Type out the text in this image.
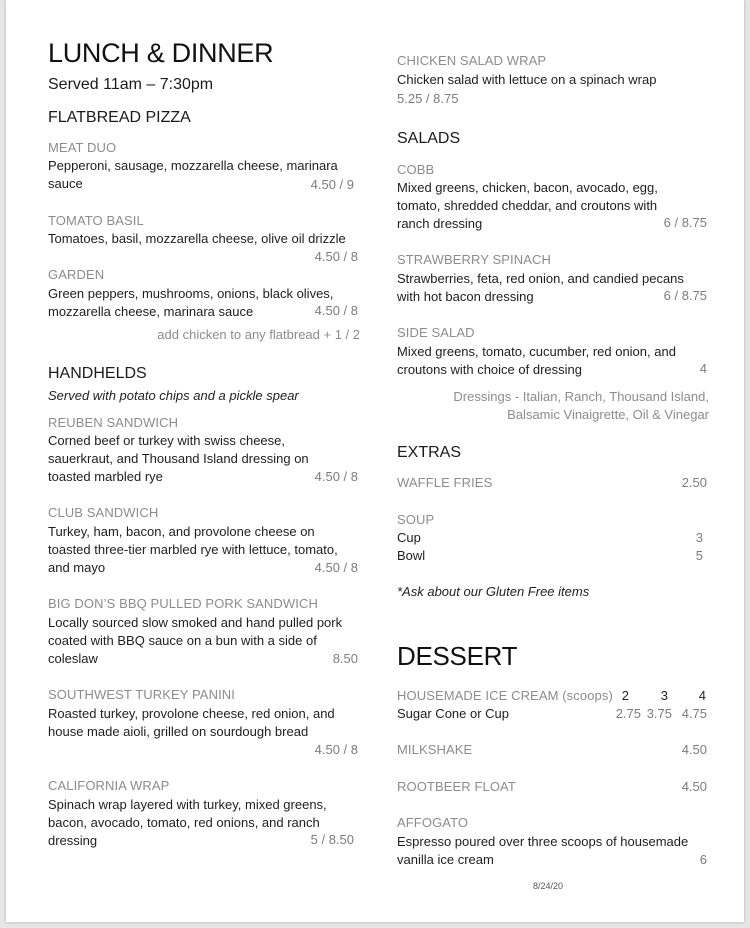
LUNCH & DINNER
Served 11am – 7:30pm
FLATBREAD PIZZA
MEAT DUO
Pepperoni, sausage, mozzarella cheese, marinara sauce	4.50 / 9
TOMATO BASIL
Tomatoes, basil, mozzarella cheese, olive oil drizzle
4.50 / 8
GARDEN
Green peppers, mushrooms, onions, black olives, mozzarella cheese, marinara sauce	4.50 / 8
add chicken to any flatbread + 1 / 2
HANDHELDS
Served with potato chips and a pickle spear
REUBEN SANDWICH
Corned beef or turkey with swiss cheese, sauerkraut, and Thousand Island dressing on toasted marbled rye	4.50 / 8
CLUB SANDWICH
Turkey, ham, bacon, and provolone cheese on toasted three-tier marbled rye with lettuce, tomato, and mayo	4.50 / 8
BIG DON’S BBQ PULLED PORK SANDWICH
Locally sourced slow smoked and hand pulled pork coated with BBQ sauce on a bun with a side of coleslaw	8.50
SOUTHWEST TURKEY PANINI
Roasted turkey, provolone cheese, red onion, and house made aioli, grilled on sourdough bread
4.50 / 8
CALIFORNIA WRAP
Spinach wrap layered with turkey, mixed greens, bacon, avocado, tomato, red onions, and ranch dressing	5 / 8.50
CHICKEN SALAD WRAP
Chicken salad with lettuce on a spinach wrap
5.25 / 8.75
SALADS
COBB
Mixed greens, chicken, bacon, avocado, egg, tomato, shredded cheddar, and croutons with ranch dressing	6 / 8.75
STRAWBERRY SPINACH
Strawberries, feta, red onion, and candied pecans with hot bacon dressing	6 / 8.75
SIDE SALAD
Mixed greens, tomato, cucumber, red onion, and croutons with choice of dressing	4
Dressings - Italian, Ranch, Thousand Island,
Balsamic Vinaigrette, Oil & Vinegar
EXTRAS
WAFFLE FRIES	2.50
SOUP
Cup	3
Bowl	5
*Ask about our Gluten Free items
DESSERT
HOUSEMADE ICE CREAM (scoops) 2 3 4
Sugar Cone or Cup	2.75 3.75 4.75
MILKSHAKE	4.50
ROOTBEER FLOAT	4.50
AFFOGATO
Espresso poured over three scoops of housemade vanilla ice cream	6
8/24/20
